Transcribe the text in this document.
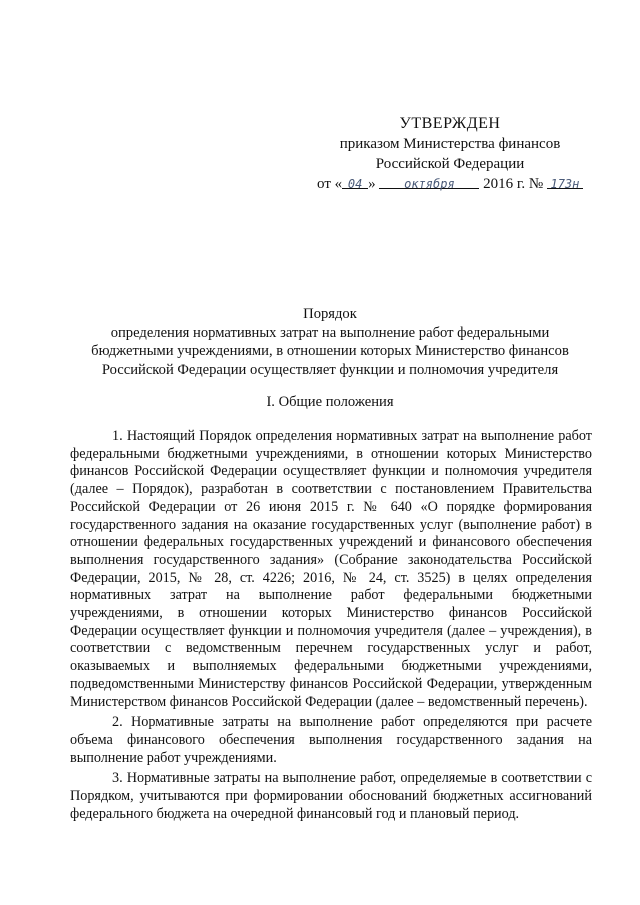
УТВЕРЖДЕН
приказом Министерства финансов
Российской Федерации
от « 04 » октября 2016 г. № 173н
Порядок
определения нормативных затрат на выполнение работ федеральными
бюджетными учреждениями, в отношении которых Министерство финансов
Российской Федерации осуществляет функции и полномочия учредителя
I. Общие положения

1. Настоящий Порядок определения нормативных затрат на выполнение работ федеральными бюджетными учреждениями, в отношении которых Министерство финансов Российской Федерации осуществляет функции и полномочия учредителя (далее – Порядок), разработан в соответствии с постановлением Правительства Российской Федерации от 26 июня 2015 г. № 640 «О порядке формирования государственного задания на оказание государственных услуг (выполнение работ) в отношении федеральных государственных учреждений и финансового обеспечения выполнения государственного задания» (Собрание законодательства Российской Федерации, 2015, № 28, ст. 4226; 2016, № 24, ст. 3525) в целях определения нормативных затрат на выполнение работ федеральными бюджетными учреждениями, в отношении которых Министерство финансов Российской Федерации осуществляет функции и полномочия учредителя (далее – учреждения), в соответствии с ведомственным перечнем государственных услуг и работ, оказываемых и выполняемых федеральными бюджетными учреждениями, подведомственными Министерству финансов Российской Федерации, утвержденным Министерством финансов Российской Федерации (далее – ведомственный перечень).

2. Нормативные затраты на выполнение работ определяются при расчете объема финансового обеспечения выполнения государственного задания на выполнение работ учреждениями.

3. Нормативные затраты на выполнение работ, определяемые в соответствии с Порядком, учитываются при формировании обоснований бюджетных ассигнований федерального бюджета на очередной финансовый год и плановый период.
